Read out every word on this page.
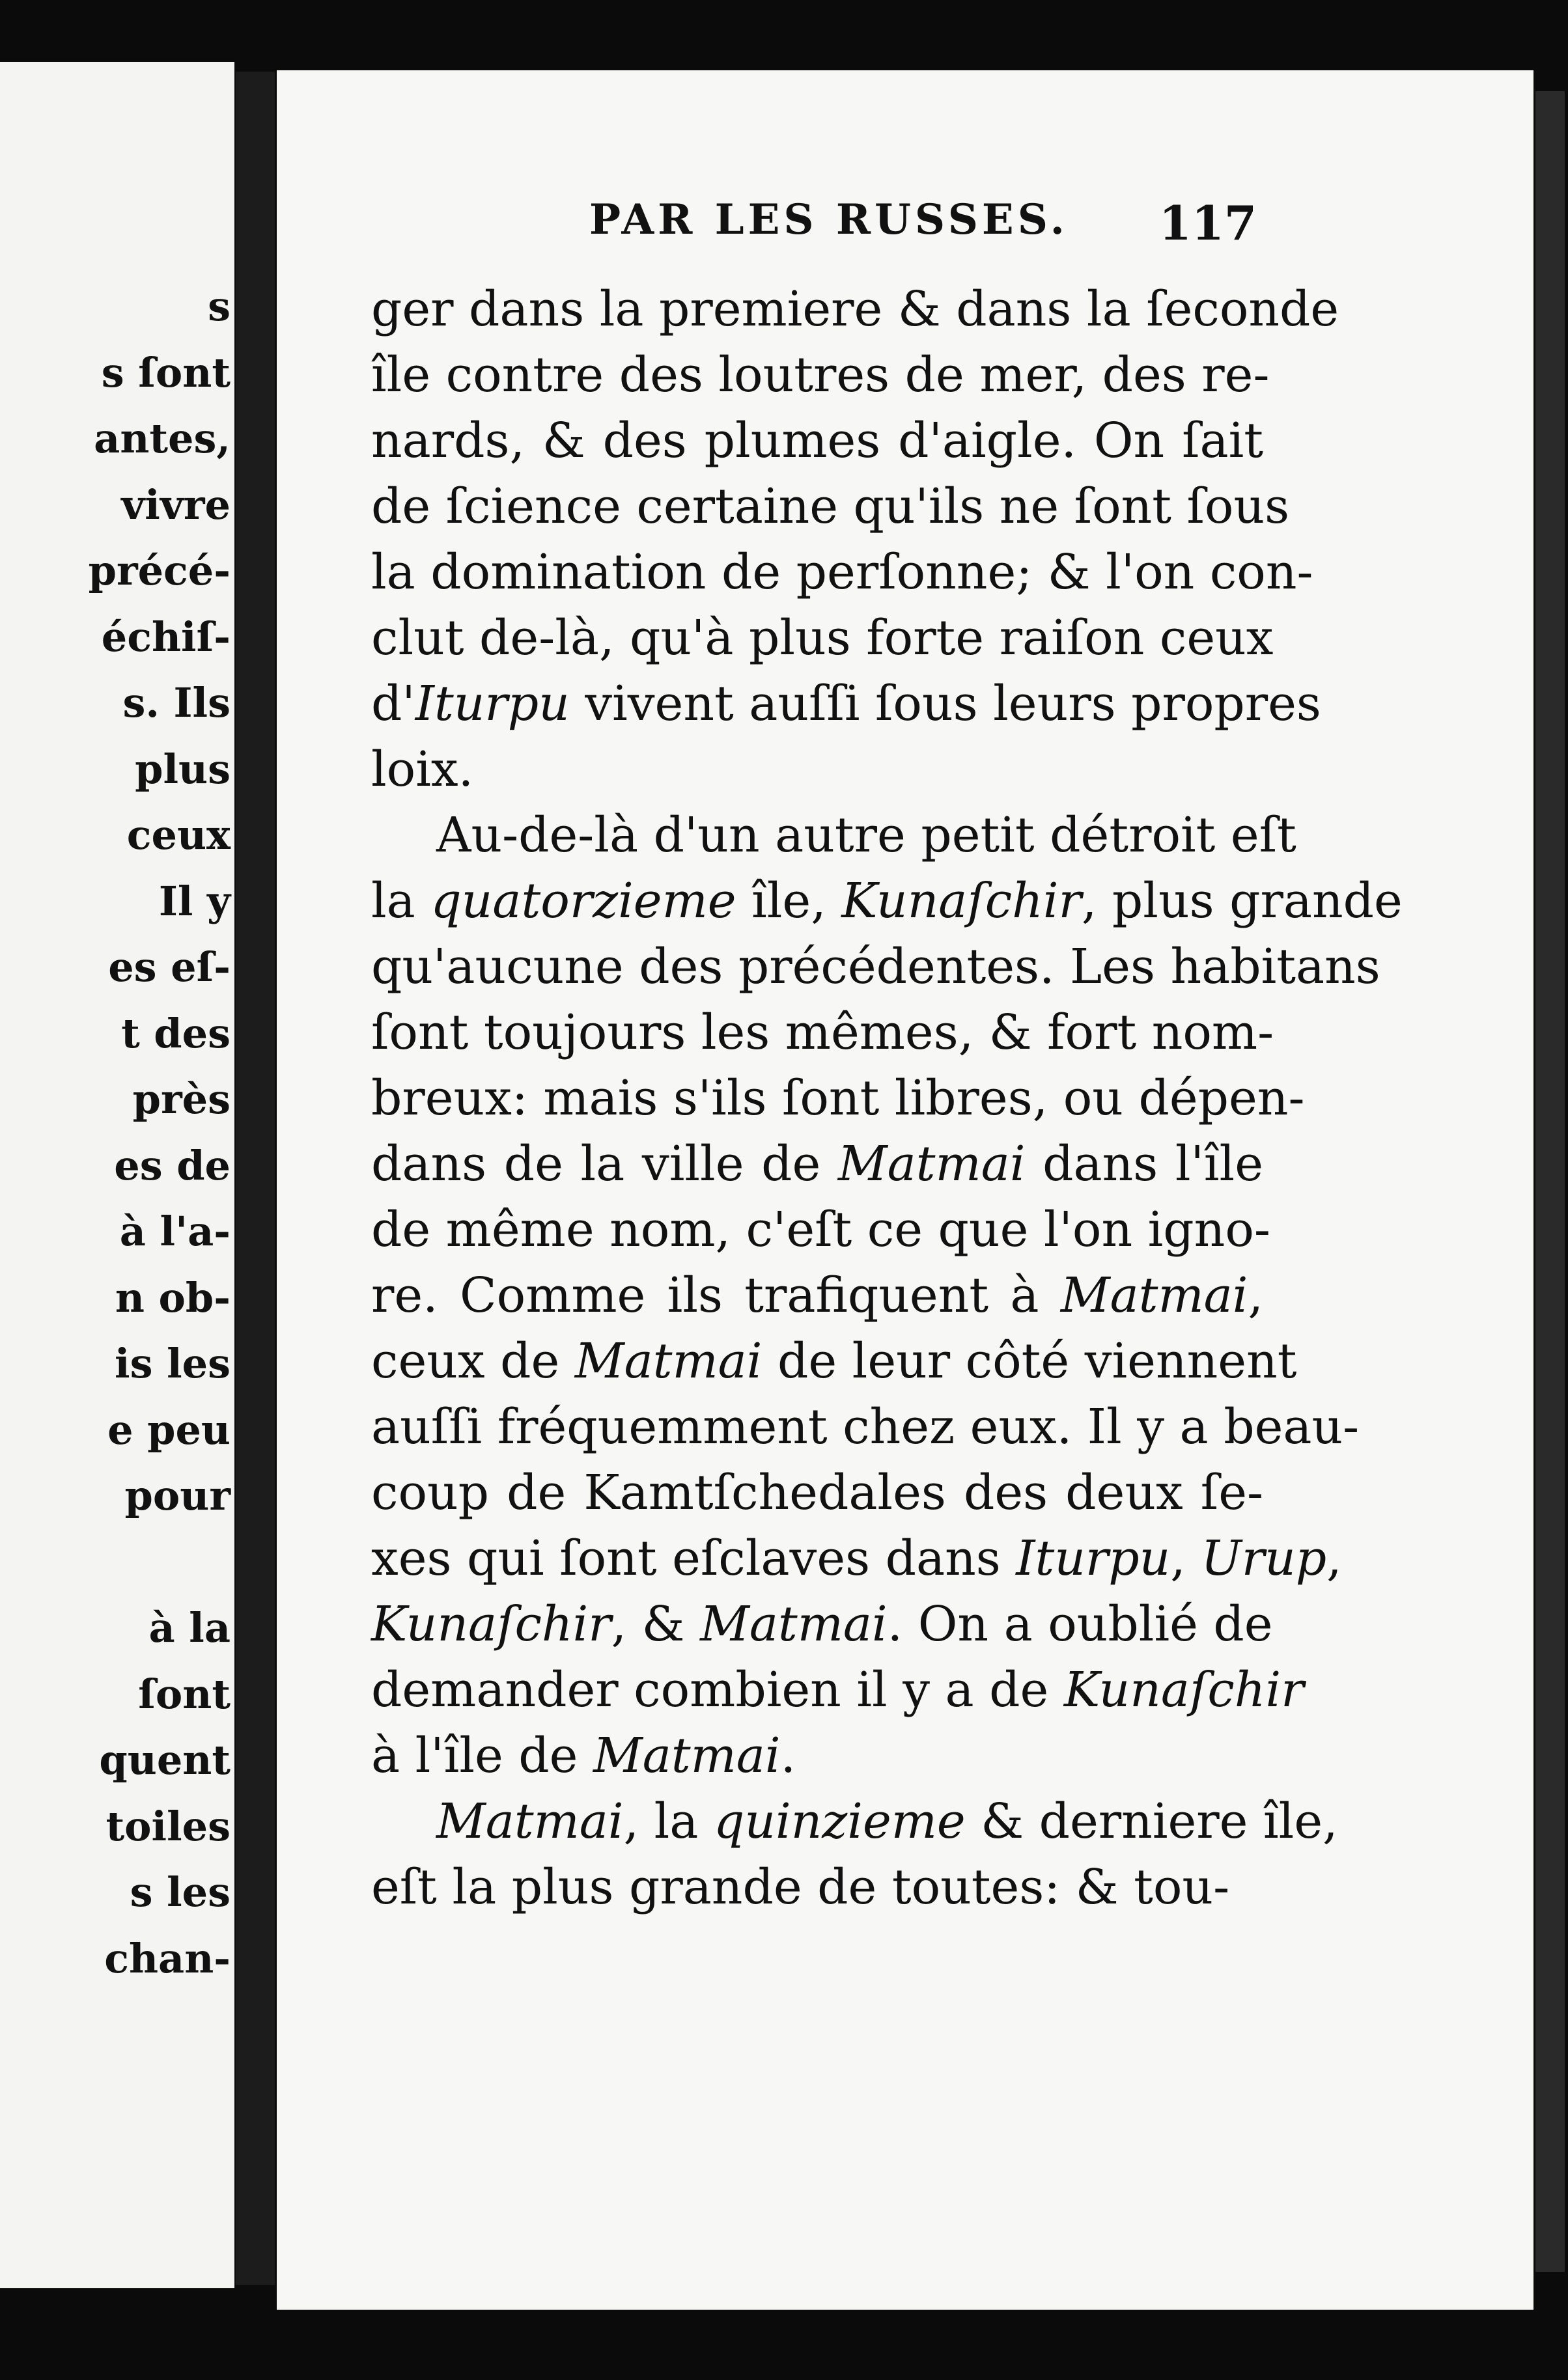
s
s ſont
antes,
vivre
précé-
échiſ-
s. Ils
plus
ceux
Il y
es eſ-
t des
près
es de
à l'a-
n ob-
is les
e peu
pour

à la
ſont
quent
toiles
s les
chan-
PAR LES RUSSES. 117
ger dans la premiere & dans la ſeconde
île contre des loutres de mer, des re-
nards, & des plumes d'aigle. On ſait
de ſcience certaine qu'ils ne ſont ſous
la domination de perſonne; & l'on con-
clut de-là, qu'à plus forte raiſon ceux
d'Iturpu vivent auſſi ſous leurs propres
loix.
Au-de-là d'un autre petit détroit eſt
la quatorzieme île, Kunaſchir, plus grande
qu'aucune des précédentes. Les habitans
ſont toujours les mêmes, & fort nom-
breux: mais s'ils ſont libres, ou dépen-
dans de la ville de Matmai dans l'île
de même nom, c'eſt ce que l'on igno-
re. Comme ils trafiquent à Matmai,
ceux de Matmai de leur côté viennent
auſſi fréquemment chez eux. Il y a beau-
coup de Kamtſchedales des deux ſe-
xes qui ſont eſclaves dans Iturpu, Urup,
Kunaſchir, & Matmai. On a oublié de
demander combien il y a de Kunaſchir
à l'île de Matmai.
Matmai, la quinzieme & derniere île,
eſt la plus grande de toutes: & tou-
